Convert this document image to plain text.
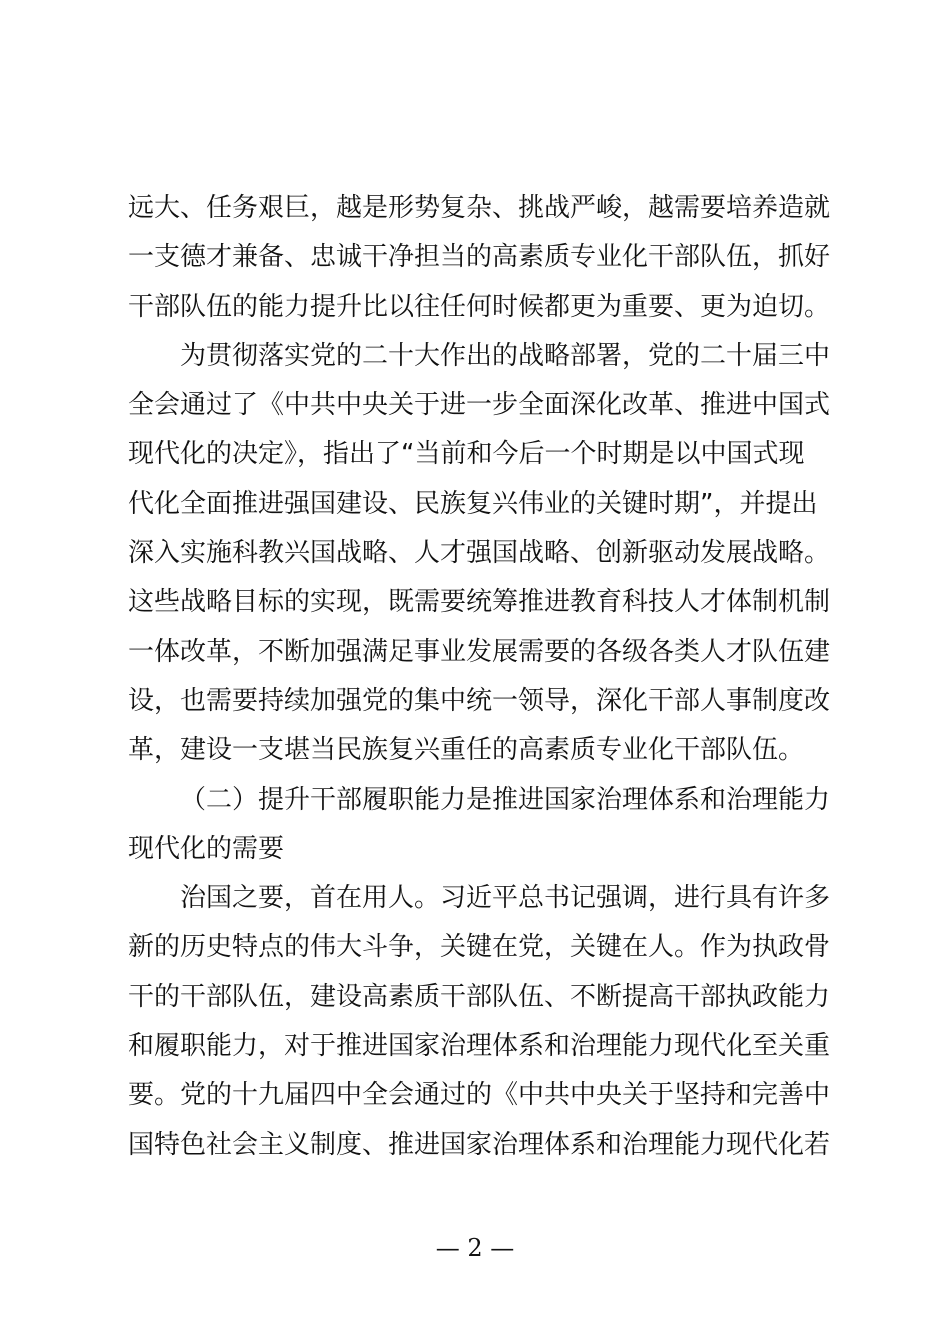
远大、任务艰巨，越是形势复杂、挑战严峻，越需要培养造就
一支德才兼备、忠诚干净担当的高素质专业化干部队伍，抓好
干部队伍的能力提升比以往任何时候都更为重要、更为迫切。
为贯彻落实党的二十大作出的战略部署，党的二十届三中
全会通过了《中共中央关于进一步全面深化改革、推进中国式
现代化的决定》，指出了“当前和今后一个时期是以中国式现
代化全面推进强国建设、民族复兴伟业的关键时期”，并提出
深入实施科教兴国战略、人才强国战略、创新驱动发展战略。
这些战略目标的实现，既需要统筹推进教育科技人才体制机制
一体改革，不断加强满足事业发展需要的各级各类人才队伍建
设，也需要持续加强党的集中统一领导，深化干部人事制度改
革，建设一支堪当民族复兴重任的高素质专业化干部队伍。
（二）提升干部履职能力是推进国家治理体系和治理能力
现代化的需要
治国之要，首在用人。习近平总书记强调，进行具有许多
新的历史特点的伟大斗争，关键在党，关键在人。作为执政骨
干的干部队伍，建设高素质干部队伍、不断提高干部执政能力
和履职能力，对于推进国家治理体系和治理能力现代化至关重
要。党的十九届四中全会通过的《中共中央关于坚持和完善中
国特色社会主义制度、推进国家治理体系和治理能力现代化若
— 2 —
